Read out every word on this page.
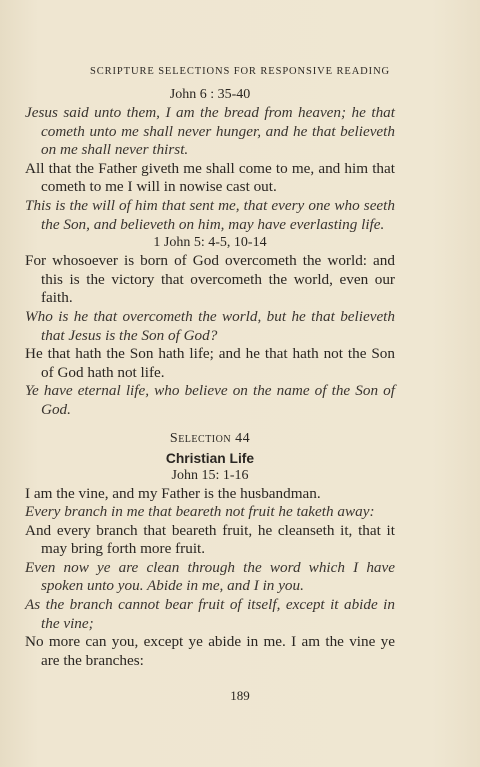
SCRIPTURE SELECTIONS FOR RESPONSIVE READING

John 6 : 35-40

Jesus said unto them, I am the bread from heaven; he that cometh unto me shall never hunger, and he that believeth on me shall never thirst.

All that the Father giveth me shall come to me, and him that cometh to me I will in nowise cast out.

This is the will of him that sent me, that every one who seeth the Son, and believeth on him, may have everlasting life.

1 John 5: 4-5, 10-14

For whosoever is born of God overcometh the world: and this is the victory that overcometh the world, even our faith.

Who is he that overcometh the world, but he that believeth that Jesus is the Son of God?

He that hath the Son hath life; and he that hath not the Son of God hath not life.

Ye have eternal life, who believe on the name of the Son of God.

Selection 44

Christian Life

John 15: 1-16

I am the vine, and my Father is the husbandman.

Every branch in me that beareth not fruit he taketh away:

And every branch that beareth fruit, he cleanseth it, that it may bring forth more fruit.

Even now ye are clean through the word which I have spoken unto you. Abide in me, and I in you.

As the branch cannot bear fruit of itself, except it abide in the vine;

No more can you, except ye abide in me. I am the vine ye are the branches:

189
